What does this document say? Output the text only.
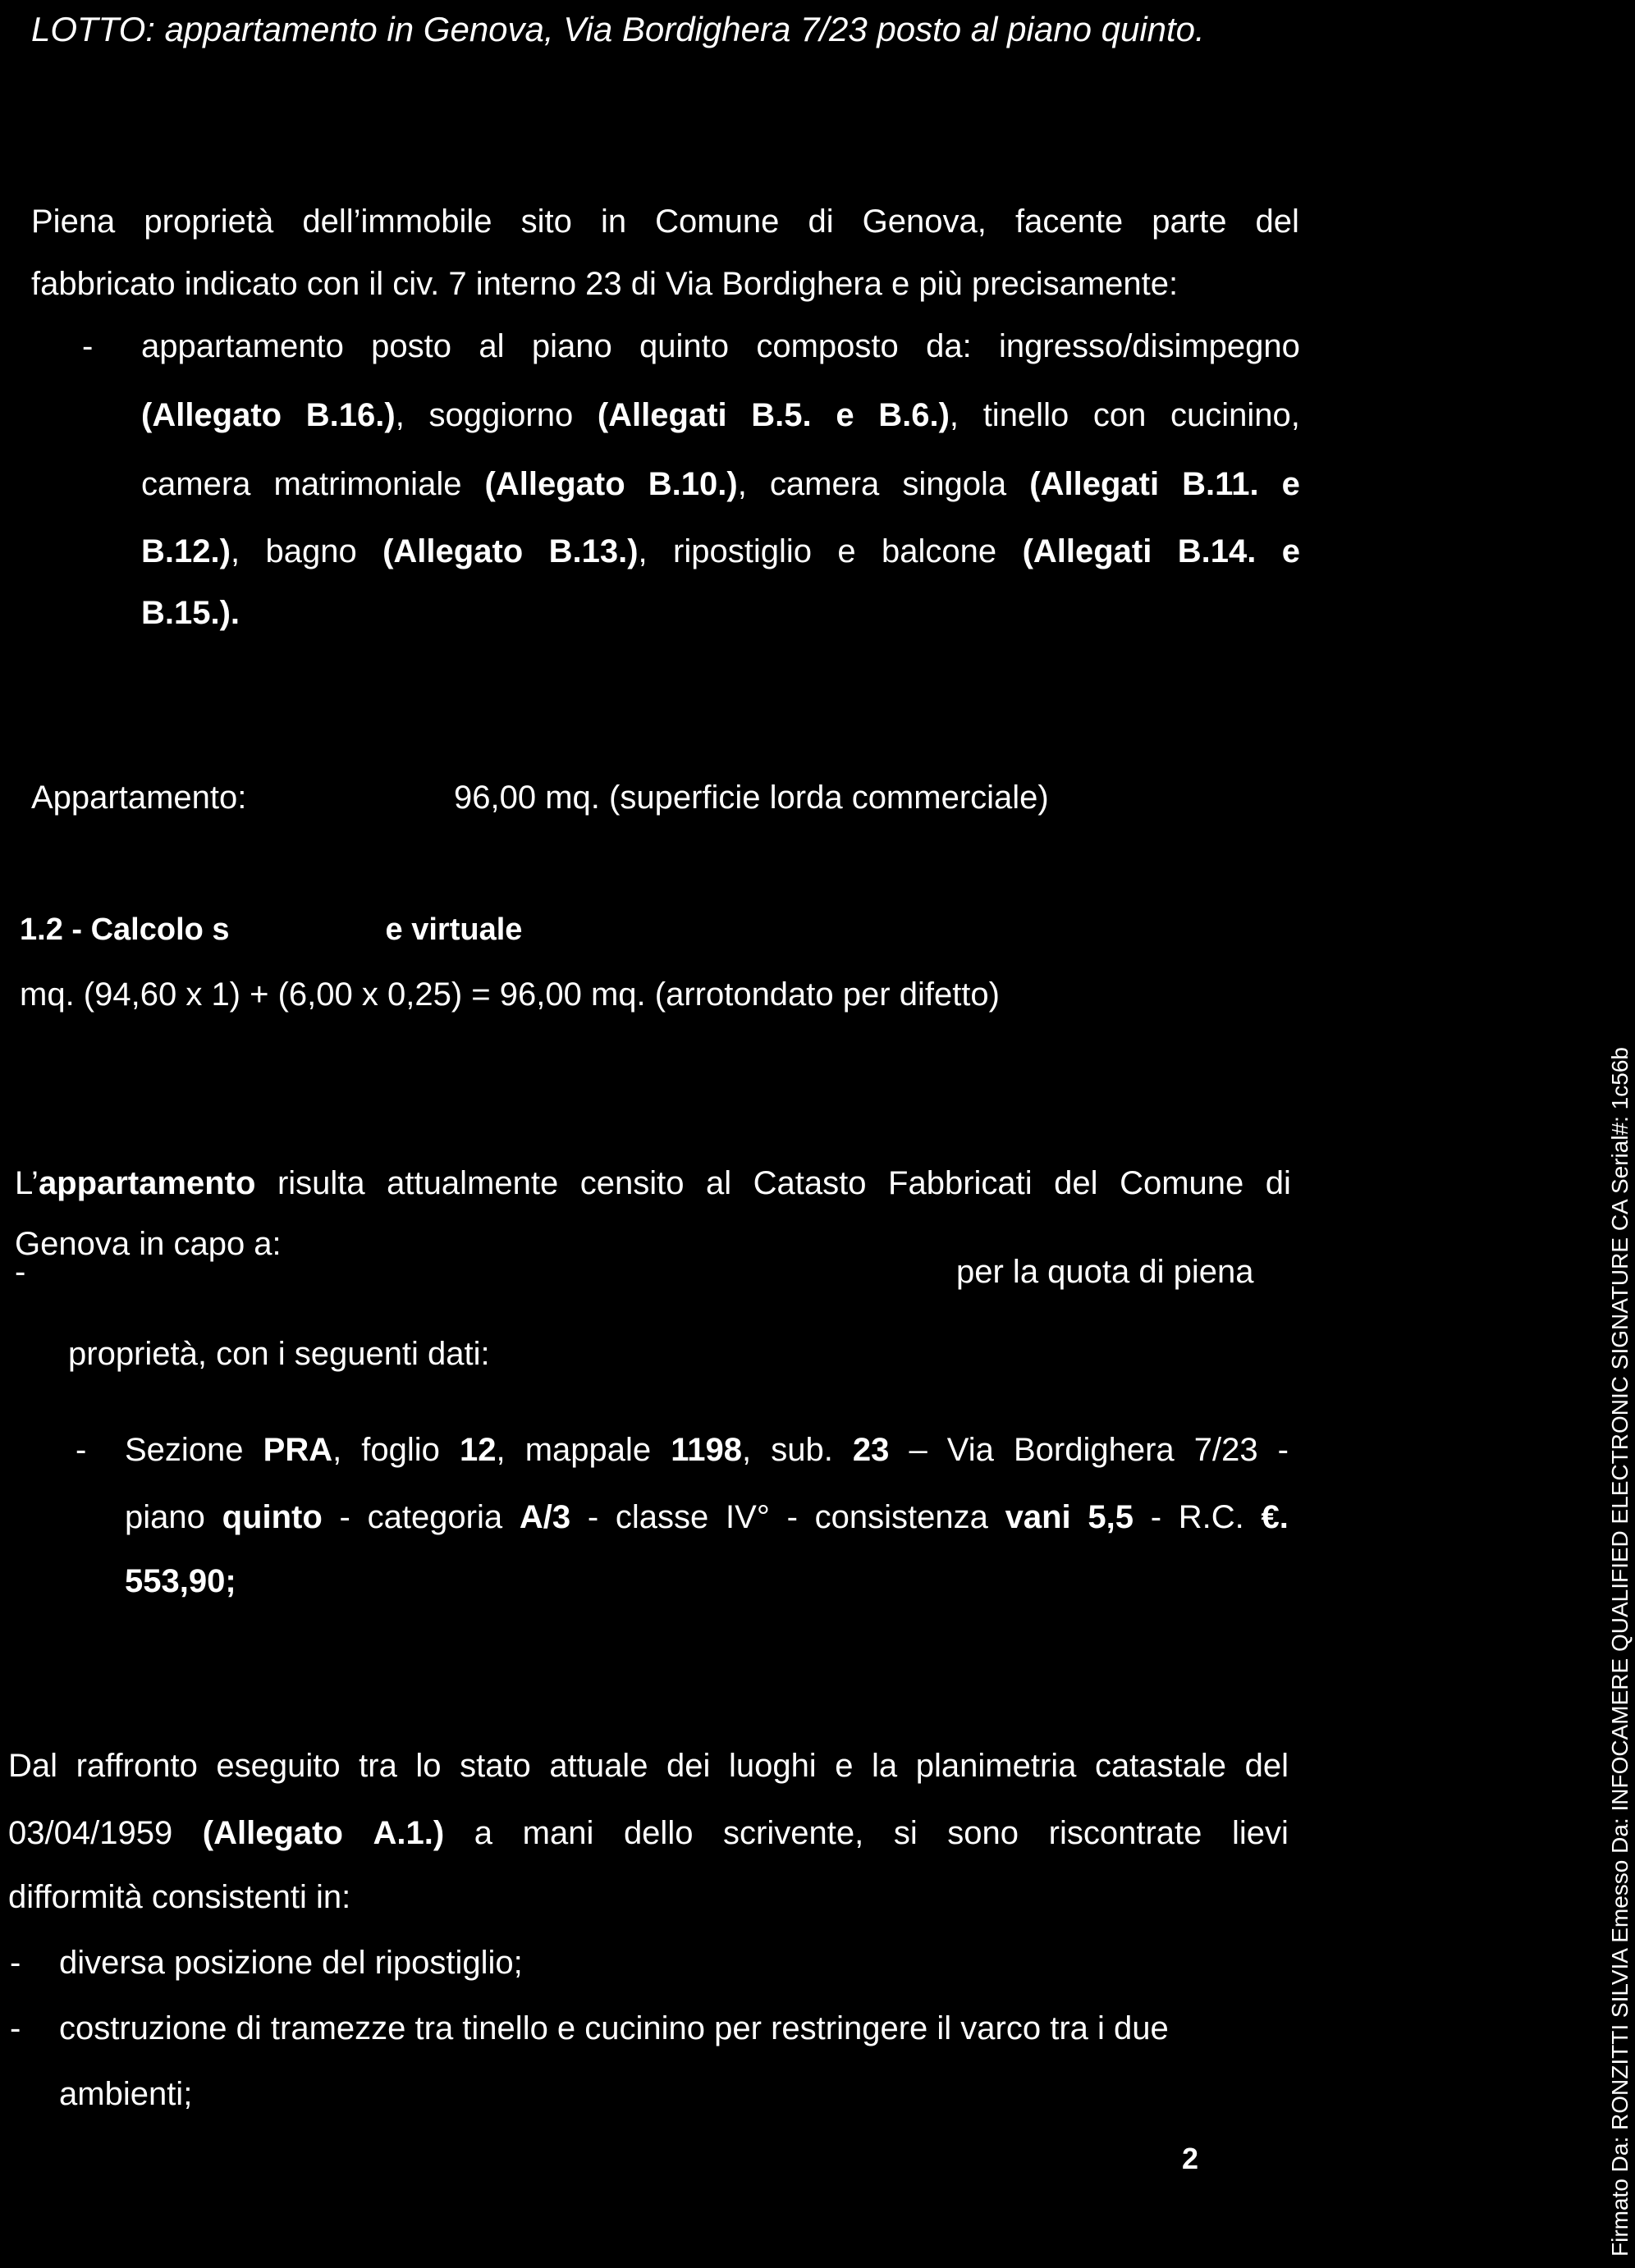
LOTTO: appartamento in Genova, Via Bordighera 7/23 posto al piano quinto.
Piena proprietà dell’immobile sito in Comune di Genova, facente parte del
fabbricato indicato con il civ. 7 interno 23 di Via Bordighera e più precisamente:
- appartamento posto al piano quinto composto da: ingresso/disimpegno
(Allegato B.16.), soggiorno (Allegati B.5. e B.6.), tinello con cucinino,
camera matrimoniale (Allegato B.10.), camera singola (Allegati B.11. e
B.12.), bagno (Allegato B.13.), ripostiglio e balcone (Allegati B.14. e
B.15.).
Appartamento:	96,00 mq. (superficie lorda commerciale)
1.2 - Calcolo s	e virtuale
mq. (94,60 x 1) + (6,00 x 0,25) = 96,00 mq. (arrotondato per difetto)
L’appartamento risulta attualmente censito al Catasto Fabbricati del Comune di
Genova in capo a:
-	per la quota di piena
proprietà, con i seguenti dati:
- Sezione PRA, foglio 12, mappale 1198, sub. 23 – Via Bordighera 7/23 -
piano quinto - categoria A/3 - classe IV° - consistenza vani 5,5 - R.C. €.
553,90;
Dal raffronto eseguito tra lo stato attuale dei luoghi e la planimetria catastale del
03/04/1959 (Allegato A.1.) a mani dello scrivente, si sono riscontrate lievi
difformità consistenti in:
-
-
diversa posizione del ripostiglio;
costruzione di tramezze tra tinello e cucinino per restringere il varco tra i due
ambienti;
2	Firmato Da: RONZITTI SILVIA Emesso Da: INFOCAMERE QUALIFIED ELECTRONIC SIGNATURE CA Serial#: 1c56b
